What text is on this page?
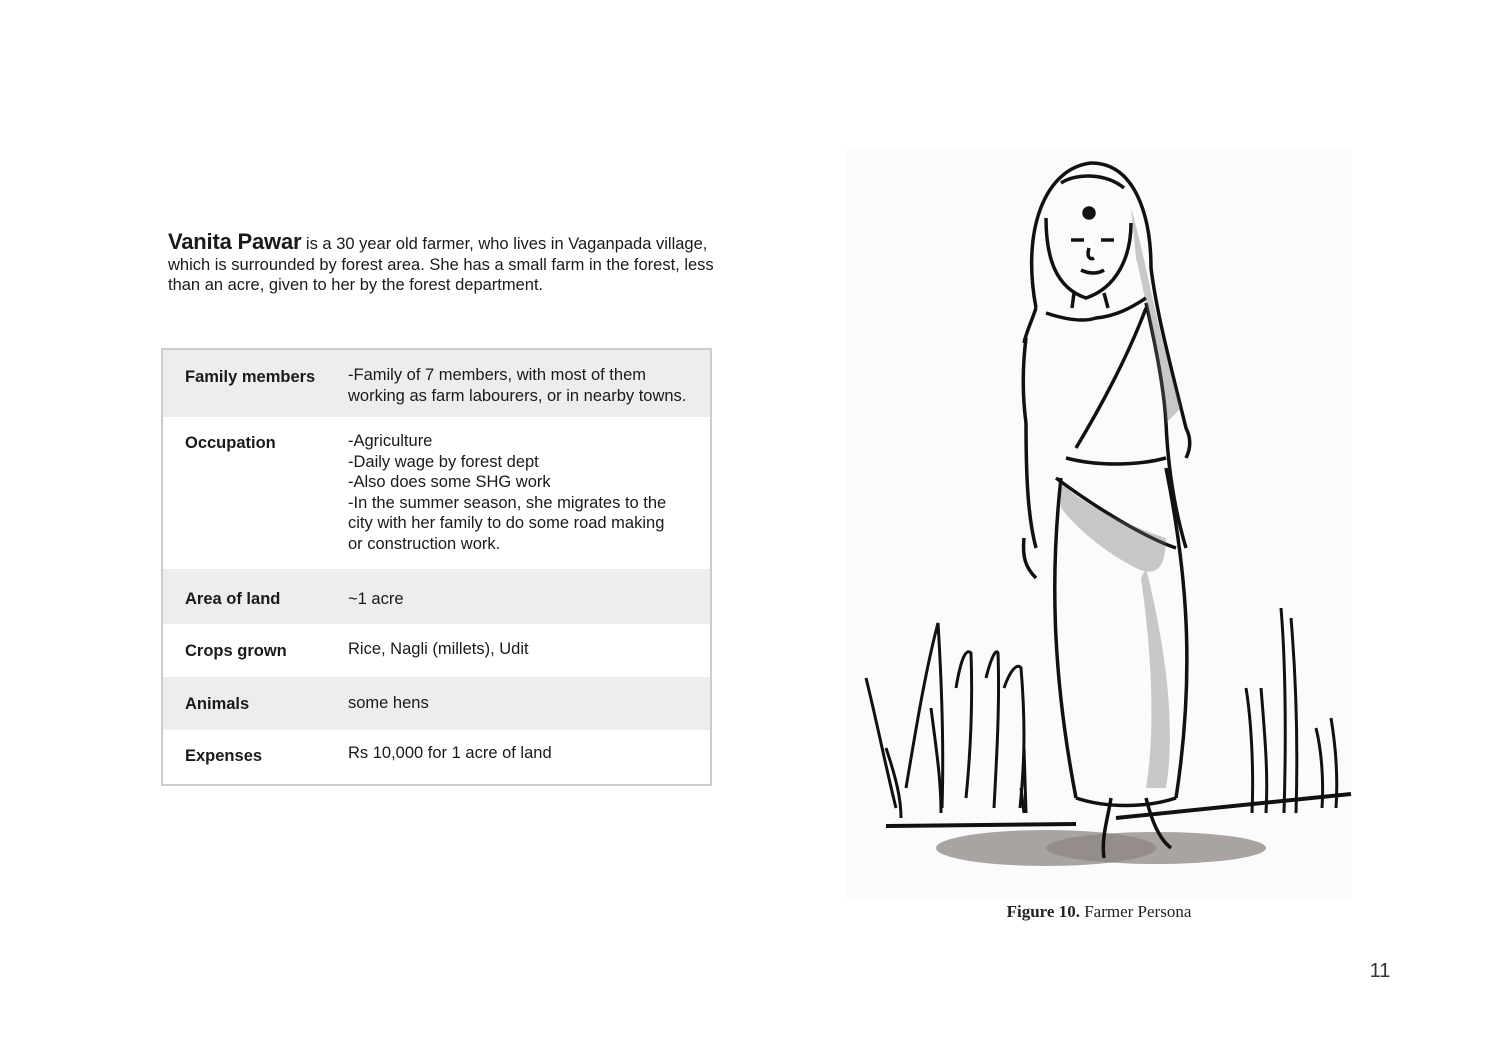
Vanita Pawar is a 30 year old farmer, who lives in Vaganpada village, which is surrounded by forest area. She has a small farm in the forest, less than an acre, given to her by the forest department.
Family members	-Family of 7 members, with most of them
working as farm labourers, or in nearby towns.
Occupation	-Agriculture
-Daily wage by forest dept
-Also does some SHG work
-In the summer season, she migrates to the
city with her family to do some road making
or construction work.
Area of land	~1 acre
Crops grown	Rice, Nagli (millets), Udit
Animals	some hens
Expenses	Rs 10,000 for 1 acre of land
Figure 10. Farmer Persona
11
